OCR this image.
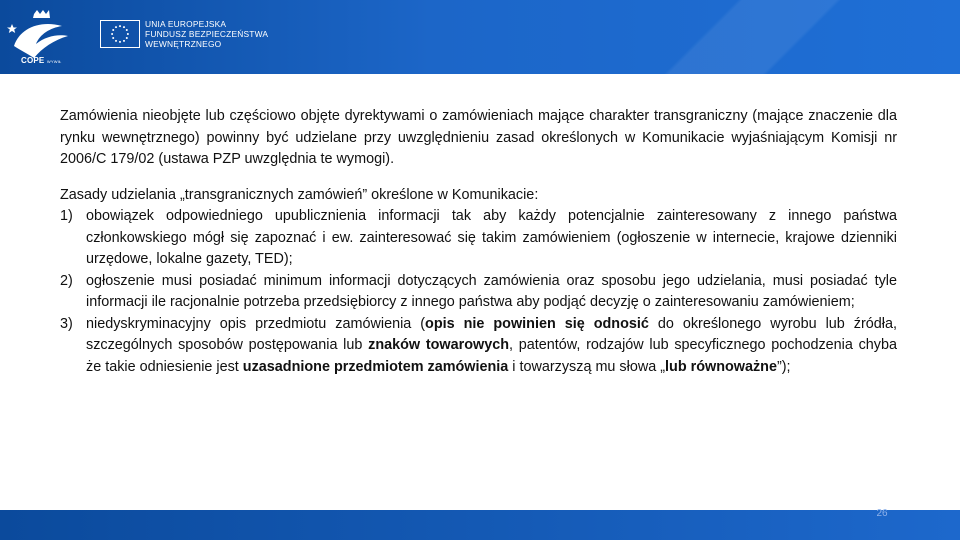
COPE WYWIŁ
UNIA EUROPEJSKA
FUNDUSZ BEZPIECZEŃSTWA
WEWNĘTRZNEGO

Zamówienia nieobjęte lub częściowo objęte dyrektywami o zamówieniach mające charakter transgraniczny (mające znaczenie dla rynku wewnętrznego) powinny być udzielane przy uwzględnieniu zasad określonych w Komunikacie wyjaśniającym Komisji nr 2006/C 179/02 (ustawa PZP uwzględnia te wymogi).

Zasady udzielania „transgranicznych zamówień” określone w Komunikacie:

1) obowiązek odpowiedniego upublicznienia informacji tak aby każdy potencjalnie zainteresowany z innego państwa członkowskiego mógł się zapoznać i ew. zainteresować się takim zamówieniem (ogłoszenie w internecie, krajowe dzienniki urzędowe, lokalne gazety, TED);
2) ogłoszenie musi posiadać minimum informacji dotyczących zamówienia oraz sposobu jego udzielania, musi posiadać tyle informacji ile racjonalnie potrzeba przedsiębiorcy z innego państwa aby podjąć decyzję o zainteresowaniu zamówieniem;
3) niedyskryminacyjny opis przedmiotu zamówienia (opis nie powinien się odnosić do określonego wyrobu lub źródła, szczególnych sposobów postępowania lub znaków towarowych, patentów, rodzajów lub specyficznego pochodzenia chyba że takie odniesienie jest uzasadnione przedmiotem zamówienia i towarzyszą mu słowa „lub równoważne”);
26
